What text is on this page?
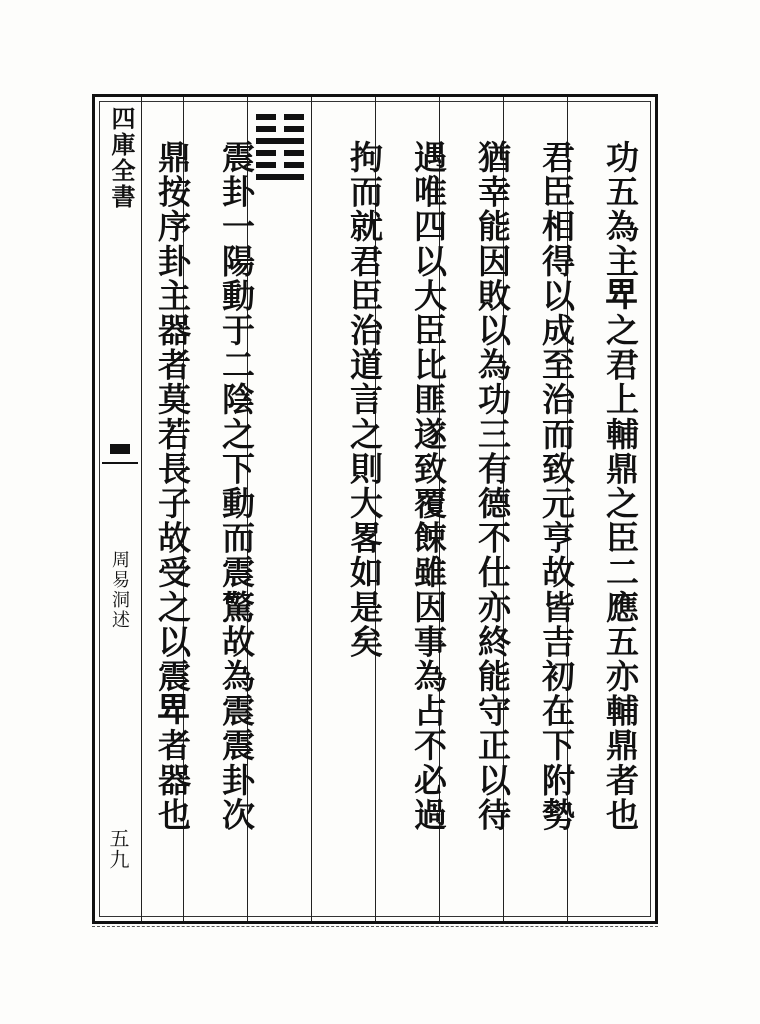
四庫全書
周易洞述
五九
功五為主𤰞之君上輔鼎之臣二應五亦輔鼎者也
君臣相得以成至治而致元亨故皆吉初在下附勢
猶幸能因敗以為功三有德不仕亦終能守正以待
遇唯四以大臣比匪遂致覆餗雖因事為占不必過
拘而就君臣治道言之則大畧如是矣
震卦一陽動于二陰之下動而震驚故為震震卦次
鼎按序卦主器者莫若長子故受之以震𤰞者器也
